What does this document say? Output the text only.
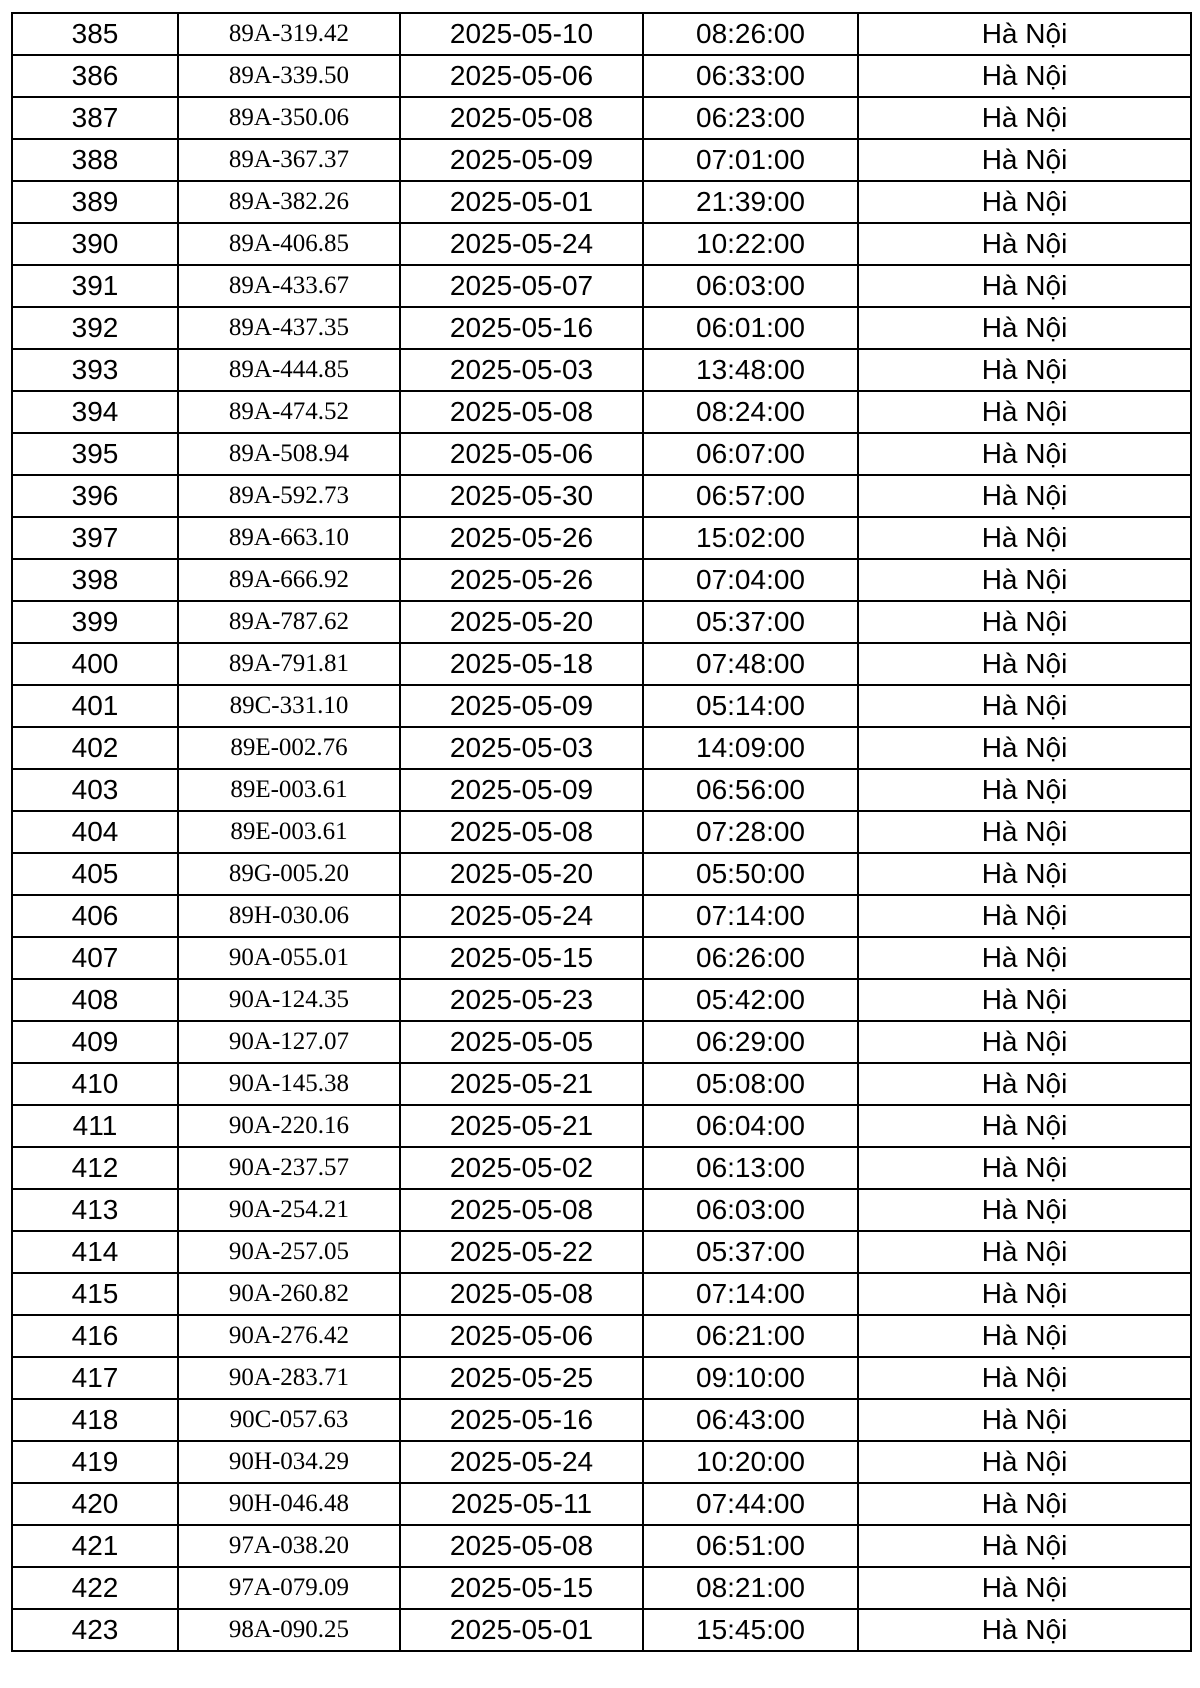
385	89A-319.42	2025-05-10	08:26:00	Hà Nội
386	89A-339.50	2025-05-06	06:33:00	Hà Nội
387	89A-350.06	2025-05-08	06:23:00	Hà Nội
388	89A-367.37	2025-05-09	07:01:00	Hà Nội
389	89A-382.26	2025-05-01	21:39:00	Hà Nội
390	89A-406.85	2025-05-24	10:22:00	Hà Nội
391	89A-433.67	2025-05-07	06:03:00	Hà Nội
392	89A-437.35	2025-05-16	06:01:00	Hà Nội
393	89A-444.85	2025-05-03	13:48:00	Hà Nội
394	89A-474.52	2025-05-08	08:24:00	Hà Nội
395	89A-508.94	2025-05-06	06:07:00	Hà Nội
396	89A-592.73	2025-05-30	06:57:00	Hà Nội
397	89A-663.10	2025-05-26	15:02:00	Hà Nội
398	89A-666.92	2025-05-26	07:04:00	Hà Nội
399	89A-787.62	2025-05-20	05:37:00	Hà Nội
400	89A-791.81	2025-05-18	07:48:00	Hà Nội
401	89C-331.10	2025-05-09	05:14:00	Hà Nội
402	89E-002.76	2025-05-03	14:09:00	Hà Nội
403	89E-003.61	2025-05-09	06:56:00	Hà Nội
404	89E-003.61	2025-05-08	07:28:00	Hà Nội
405	89G-005.20	2025-05-20	05:50:00	Hà Nội
406	89H-030.06	2025-05-24	07:14:00	Hà Nội
407	90A-055.01	2025-05-15	06:26:00	Hà Nội
408	90A-124.35	2025-05-23	05:42:00	Hà Nội
409	90A-127.07	2025-05-05	06:29:00	Hà Nội
410	90A-145.38	2025-05-21	05:08:00	Hà Nội
411	90A-220.16	2025-05-21	06:04:00	Hà Nội
412	90A-237.57	2025-05-02	06:13:00	Hà Nội
413	90A-254.21	2025-05-08	06:03:00	Hà Nội
414	90A-257.05	2025-05-22	05:37:00	Hà Nội
415	90A-260.82	2025-05-08	07:14:00	Hà Nội
416	90A-276.42	2025-05-06	06:21:00	Hà Nội
417	90A-283.71	2025-05-25	09:10:00	Hà Nội
418	90C-057.63	2025-05-16	06:43:00	Hà Nội
419	90H-034.29	2025-05-24	10:20:00	Hà Nội
420	90H-046.48	2025-05-11	07:44:00	Hà Nội
421	97A-038.20	2025-05-08	06:51:00	Hà Nội
422	97A-079.09	2025-05-15	08:21:00	Hà Nội
423	98A-090.25	2025-05-01	15:45:00	Hà Nội
